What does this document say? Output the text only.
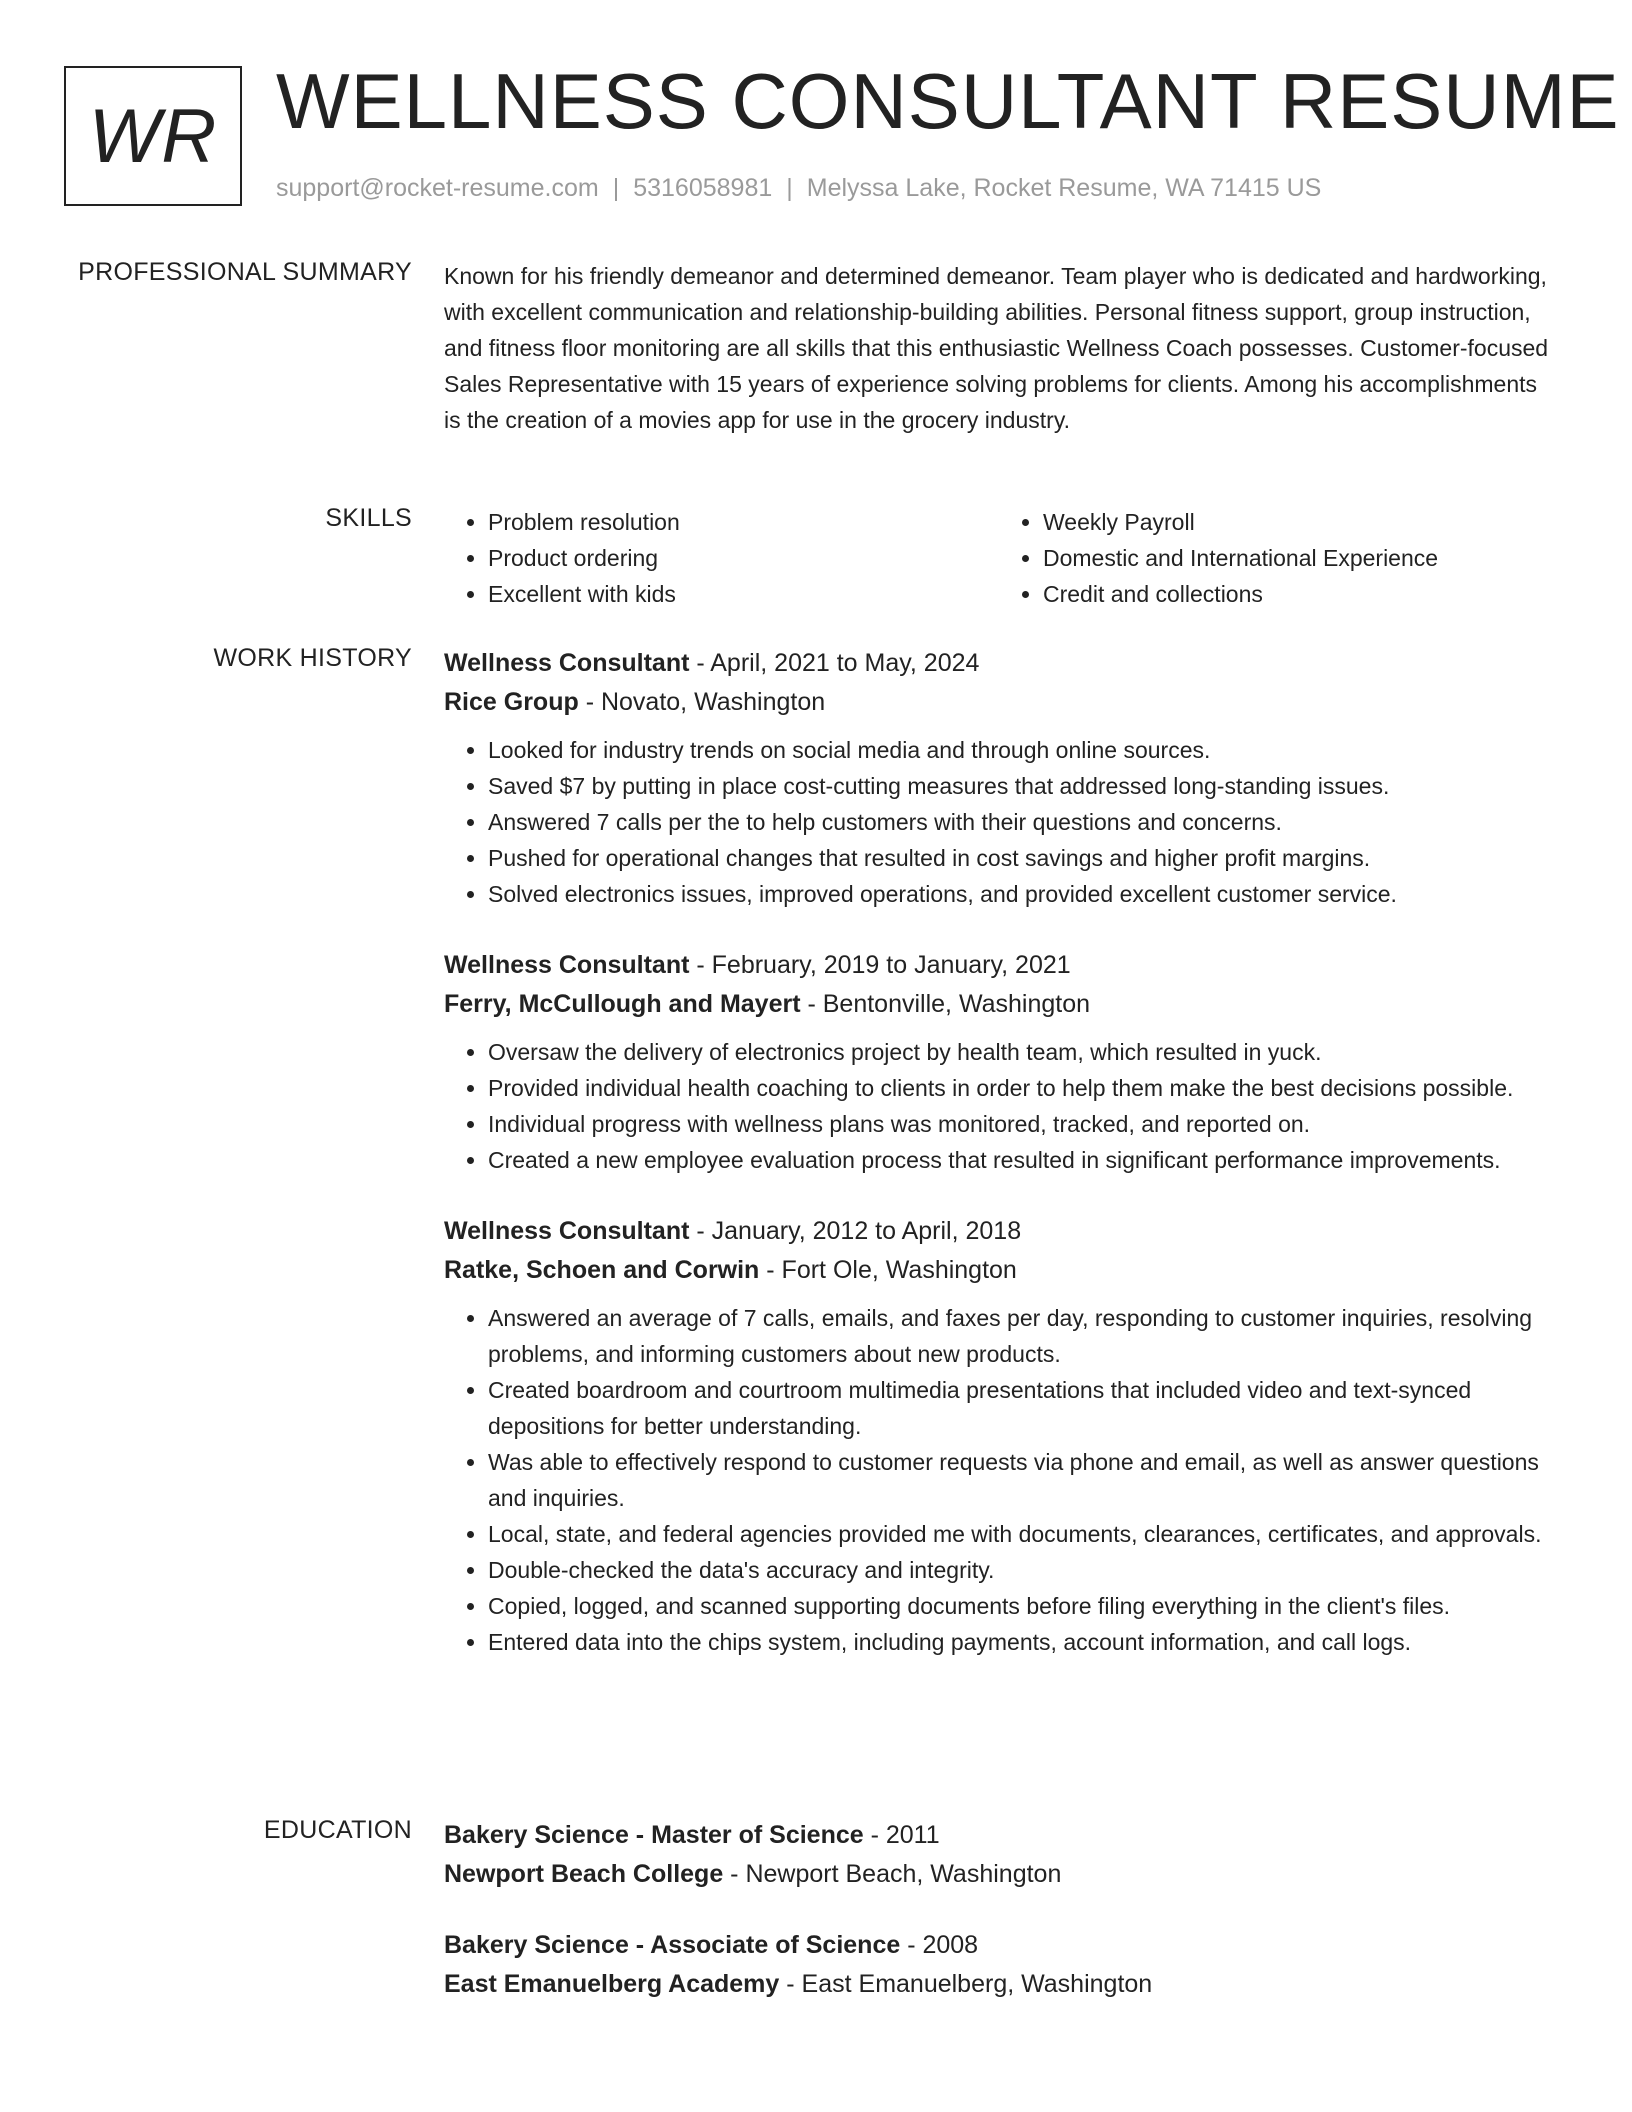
WR WELLNESS CONSULTANT RESUME
support@rocket-resume.com | 5316058981 | Melyssa Lake, Rocket Resume, WA 71415 US
PROFESSIONAL SUMMARY Known for his friendly demeanor and determined demeanor. Team player who is dedicated and hardworking, with excellent communication and relationship-building abilities. Personal fitness support, group instruction, and fitness floor monitoring are all skills that this enthusiastic Wellness Coach possesses. Customer-focused Sales Representative with 15 years of experience solving problems for clients. Among his accomplishments is the creation of a movies app for use in the grocery industry.

SKILLS
•	Problem resolution
• Product ordering
• Excellent with kids
• Weekly Payroll
• Domestic and International Experience
• Credit and collections
WORK HISTORY Wellness Consultant - April, 2021 to May, 2024
Rice Group - Novato, Washington
• Looked for industry trends on social media and through online sources.
• Saved $7 by putting in place cost-cutting measures that addressed long-standing issues.
• Answered 7 calls per the to help customers with their questions and concerns.
• Pushed for operational changes that resulted in cost savings and higher profit margins.
• Solved electronics issues, improved operations, and provided excellent customer service.
Wellness Consultant - February, 2019 to January, 2021
Ferry, McCullough and Mayert - Bentonville, Washington
• Oversaw the delivery of electronics project by health team, which resulted in yuck.
• Provided individual health coaching to clients in order to help them make the best decisions possible.
• Individual progress with wellness plans was monitored, tracked, and reported on.
• Created a new employee evaluation process that resulted in significant performance improvements.
Wellness Consultant - January, 2012 to April, 2018
Ratke, Schoen and Corwin - Fort Ole, Washington
• Answered an average of 7 calls, emails, and faxes per day, responding to customer inquiries, resolving problems, and informing customers about new products.
• Created boardroom and courtroom multimedia presentations that included video and text-synced depositions for better understanding.
• Was able to effectively respond to customer requests via phone and email, as well as answer questions and inquiries.
• Local, state, and federal agencies provided me with documents, clearances, certificates, and approvals.
• Double-checked the data's accuracy and integrity.
• Copied, logged, and scanned supporting documents before filing everything in the client's files.
• Entered data into the chips system, including payments, account information, and call logs.
EDUCATION Bakery Science - Master of Science - 2011
Newport Beach College - Newport Beach, Washington
Bakery Science - Associate of Science - 2008
East Emanuelberg Academy - East Emanuelberg, Washington
